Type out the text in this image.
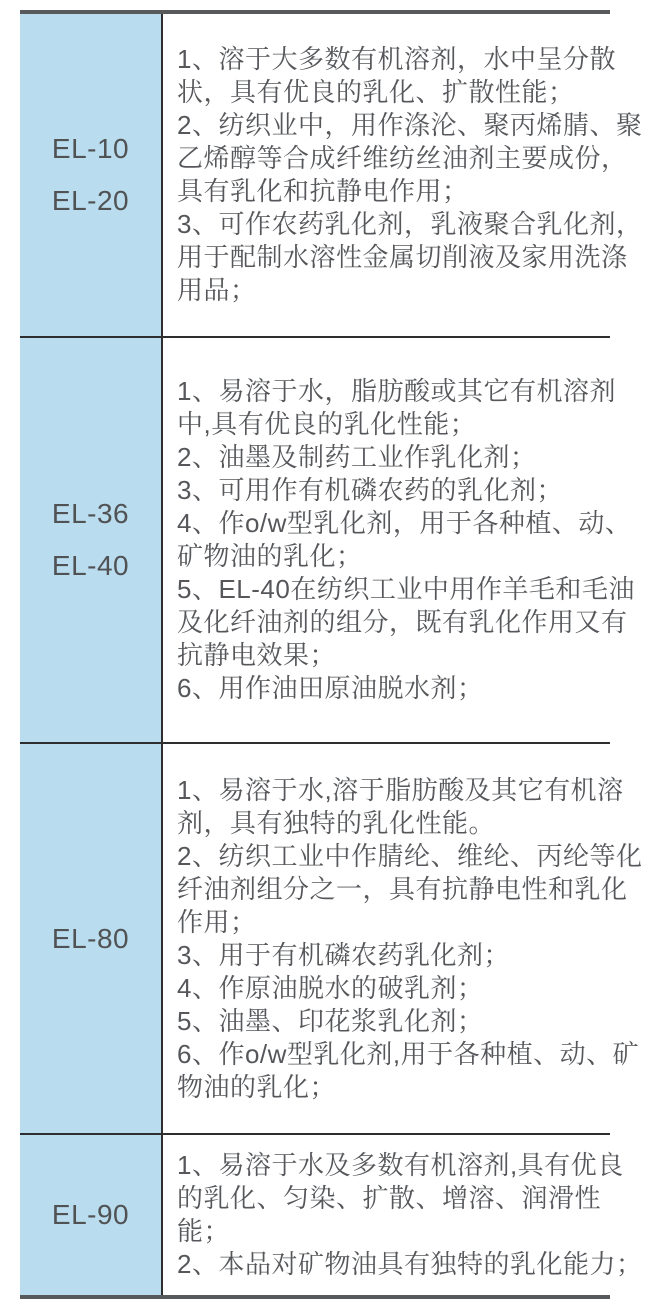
EL-10
EL-20
1、溶于大多数有机溶剂，水中呈分散状，具有优良的乳化、扩散性能；
2、纺织业中，用作涤沦、聚丙烯腈、聚乙烯醇等合成纤维纺丝油剂主要成份，具有乳化和抗静电作用；
3、可作农药乳化剂，乳液聚合乳化剂，用于配制水溶性金属切削液及家用洗涤用品；
EL-36
EL-40
1、易溶于水，脂肪酸或其它有机溶剂中,具有优良的乳化性能；
2、油墨及制药工业作乳化剂；
3、可用作有机磷农药的乳化剂；
4、作o/w型乳化剂，用于各种植、动、矿物油的乳化；
5、EL-40在纺织工业中用作羊毛和毛油及化纤油剂的组分，既有乳化作用又有抗静电效果；
6、用作油田原油脱水剂；
EL-80
1、易溶于水,溶于脂肪酸及其它有机溶剂，具有独特的乳化性能。
2、纺织工业中作腈纶、维纶、丙纶等化纤油剂组分之一，具有抗静电性和乳化作用；
3、用于有机磷农药乳化剂；
4、作原油脱水的破乳剂；
5、油墨、印花浆乳化剂；
6、作o/w型乳化剂,用于各种植、动、矿物油的乳化；
EL-90
1、易溶于水及多数有机溶剂,具有优良的乳化、匀染、扩散、增溶、润滑性能；
2、本品对矿物油具有独特的乳化能力；
